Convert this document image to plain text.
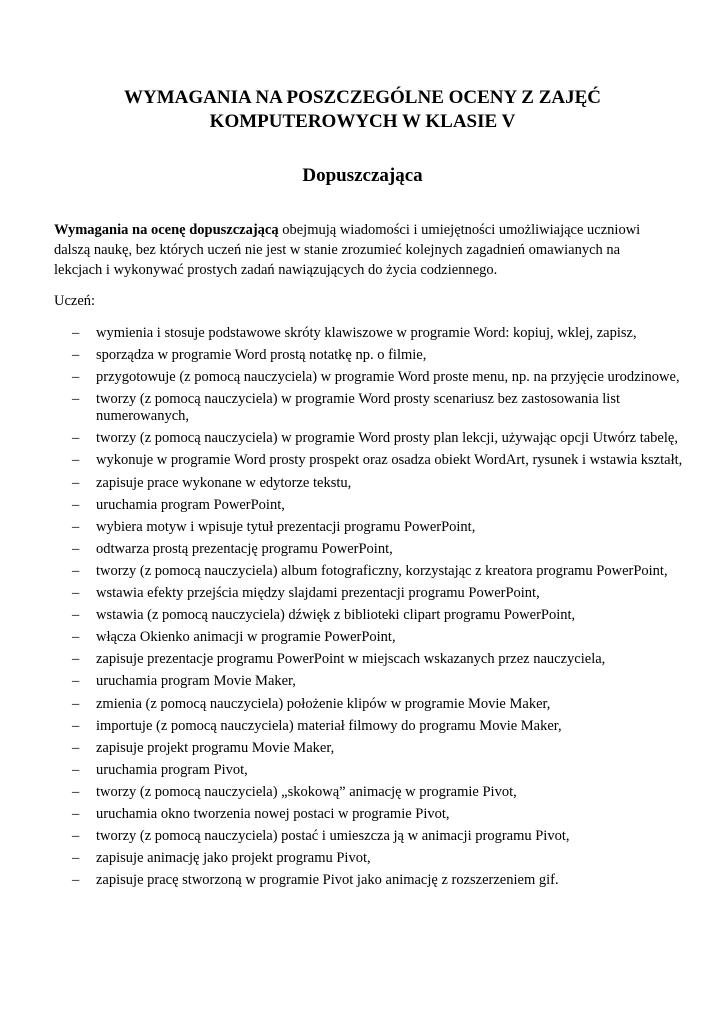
WYMAGANIA NA POSZCZEGÓLNE OCENY Z ZAJĘĆ
KOMPUTEROWYCH W KLASIE V
Dopuszczająca
Wymagania na ocenę dopuszczającą obejmują wiadomości i umiejętności umożliwiające uczniowi
dalszą naukę, bez których uczeń nie jest w stanie zrozumieć kolejnych zagadnień omawianych na
lekcjach i wykonywać prostych zadań nawiązujących do życia codziennego.
Uczeń:
– wymienia i stosuje podstawowe skróty klawiszowe w programie Word: kopiuj, wklej, zapisz,
– sporządza w programie Word prostą notatkę np. o filmie,
– przygotowuje (z pomocą nauczyciela) w programie Word proste menu, np. na przyjęcie urodzinowe,
– tworzy (z pomocą nauczyciela) w programie Word prosty scenariusz bez zastosowania list numerowanych,
– tworzy (z pomocą nauczyciela) w programie Word prosty plan lekcji, używając opcji Utwórz tabelę,
– wykonuje w programie Word prosty prospekt oraz osadza obiekt WordArt, rysunek i wstawia kształt,
– zapisuje prace wykonane w edytorze tekstu,
– uruchamia program PowerPoint,
– wybiera motyw i wpisuje tytuł prezentacji programu PowerPoint,
– odtwarza prostą prezentację programu PowerPoint,
– tworzy (z pomocą nauczyciela) album fotograficzny, korzystając z kreatora programu PowerPoint,
– wstawia efekty przejścia między slajdami prezentacji programu PowerPoint,
– wstawia (z pomocą nauczyciela) dźwięk z biblioteki clipart programu PowerPoint,
– włącza Okienko animacji w programie PowerPoint,
– zapisuje prezentacje programu PowerPoint w miejscach wskazanych przez nauczyciela,
– uruchamia program Movie Maker,
– zmienia (z pomocą nauczyciela) położenie klipów w programie Movie Maker,
– importuje (z pomocą nauczyciela) materiał filmowy do programu Movie Maker,
– zapisuje projekt programu Movie Maker,
– uruchamia program Pivot,
– tworzy (z pomocą nauczyciela) „skokową” animację w programie Pivot,
– uruchamia okno tworzenia nowej postaci w programie Pivot,
– tworzy (z pomocą nauczyciela) postać i umieszcza ją w animacji programu Pivot,
– zapisuje animację jako projekt programu Pivot,
– zapisuje pracę stworzoną w programie Pivot jako animację z rozszerzeniem gif.
